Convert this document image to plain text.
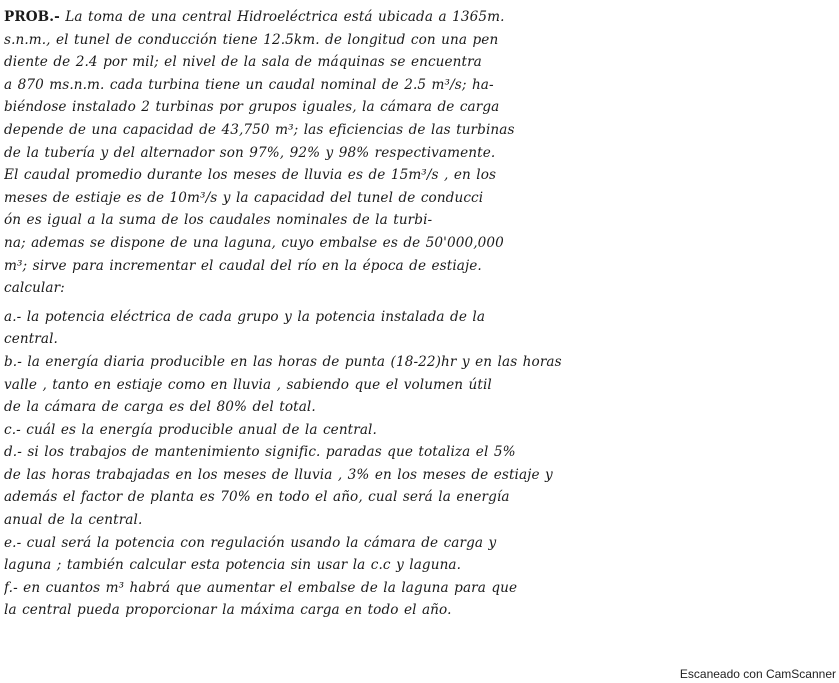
PROB.- La toma de una central Hidroeléctrica está ubicada a 1365m.
s.n.m., el tunel de conducción tiene 12.5km. de longitud con una pen
diente de 2.4 por mil; el nivel de la sala de máquinas se encuentra
a 870 ms.n.m. cada turbina tiene un caudal nominal de 2.5 m³/s; ha-
biéndose instalado 2 turbinas por grupos iguales, la cámara de carga
depende de una capacidad de 43,750 m³; las eficiencias de las turbinas
de la tubería y del alternador son 97%, 92% y 98% respectivamente.
El caudal promedio durante los meses de lluvia es de 15m³/s , en los
meses de estiaje es de 10m³/s y la capacidad del tunel de conducci
ón es igual a la suma de los caudales nominales de la turbi-
na; ademas se dispone de una laguna, cuyo embalse es de 50'000,000
m³; sirve para incrementar el caudal del río en la época de estiaje.
calcular:
a.- la potencia eléctrica de cada grupo y la potencia instalada de la
central.
b.- la energía diaria producible en las horas de punta (18-22)hr y en las horas
valle , tanto en estiaje como en lluvia , sabiendo que el volumen útil
de la cámara de carga es del 80% del total.
c.- cuál es la energía producible anual de la central.
d.- si los trabajos de mantenimiento signific. paradas que totaliza el 5%
de las horas trabajadas en los meses de lluvia , 3% en los meses de estiaje y
además el factor de planta es 70% en todo el año, cual será la energía
anual de la central.
e.- cual será la potencia con regulación usando la cámara de carga y
laguna ; también calcular esta potencia sin usar la c.c y laguna.
f.- en cuantos m³ habrá que aumentar el embalse de la laguna para que
la central pueda proporcionar la máxima carga en todo el año.
Escaneado con CamScanner
